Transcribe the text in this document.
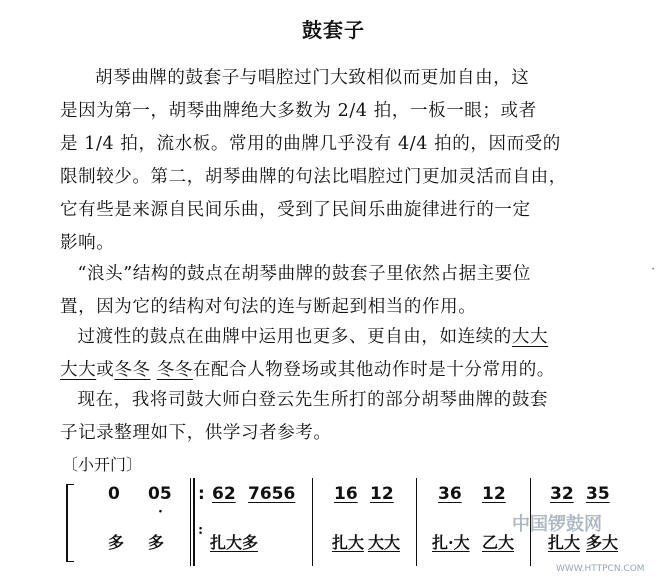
鼓套子
胡琴曲牌的鼓套子与唱腔过门大致相似而更加自由，这
是因为第一，胡琴曲牌绝大多数为 2/4 拍，一板一眼；或者
是 1/4 拍，流水板。常用的曲牌几乎没有 4/4 拍的，因而受的
限制较少。第二，胡琴曲牌的句法比唱腔过门更加灵活而自由，
它有些是来源自民间乐曲，受到了民间乐曲旋律进行的一定
影响。
“浪头”结构的鼓点在胡琴曲牌的鼓套子里依然占据主要位
置，因为它的结构对句法的连与断起到相当的作用。
过渡性的鼓点在曲牌中运用也更多、更自由，如连续的大大
大大或冬冬 冬冬在配合人物登场或其他动作时是十分常用的。
现在，我将司鼓大师白登云先生所打的部分胡琴曲牌的鼓套
子记录整理如下，供学习者参考。
〔小开门〕
0 05
·
: 62 7656 16 12	36 12	32 35
多 多
:
扎大多	扎大 大大 扎·大 乙大 扎大 多大
·
中国锣鼓网
WWW.HTTPCN.COM
